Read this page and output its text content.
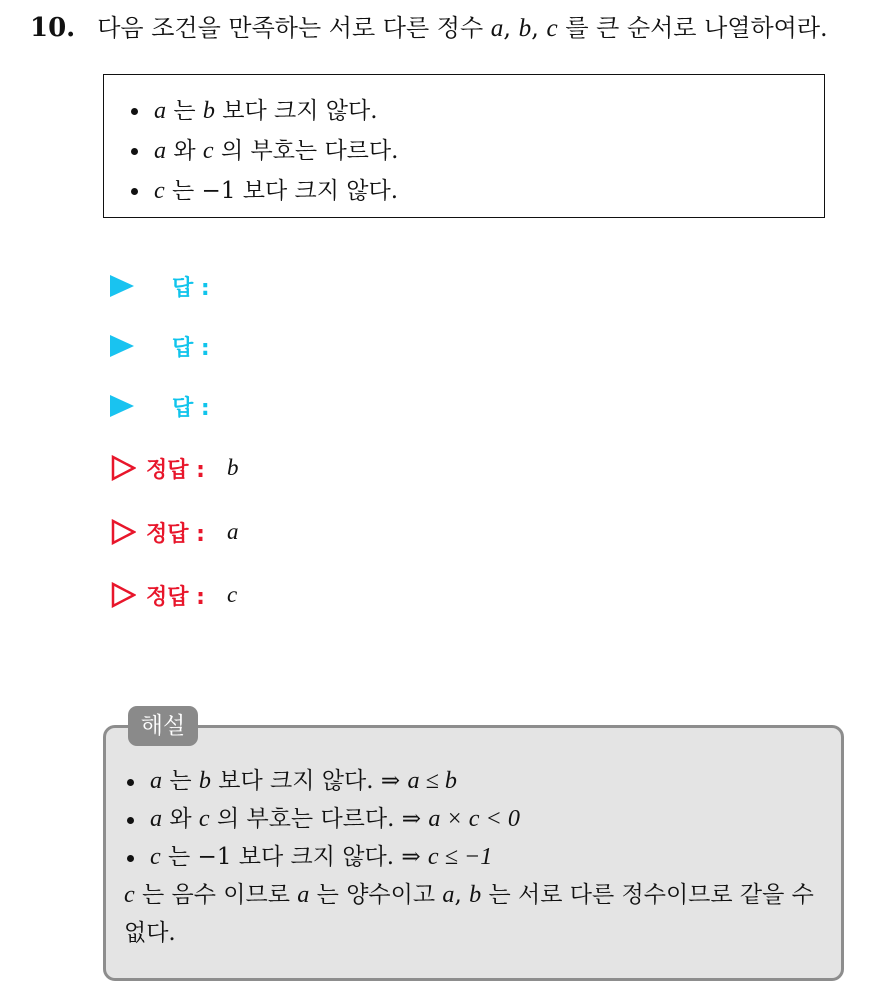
10. 다음 조건을 만족하는 서로 다른 정수 a, b, c 를 큰 순서로 나열하여라.
a 는 b 보다 크지 않다.
a 와 c 의 부호는 다르다.
c 는 −1 보다 크지 않다.
답 :
답 :
답 :
정답 : b
정답 : a
정답 : c
a 는 b 보다 크지 않다. ⇒ a ≤ b
a 와 c 의 부호는 다르다. ⇒ a × c < 0
c 는 −1 보다 크지 않다. ⇒ c ≤ −1
c 는 음수 이므로 a 는 양수이고 a, b 는 서로 다른 정수이므로 같을 수 없다.
해설
